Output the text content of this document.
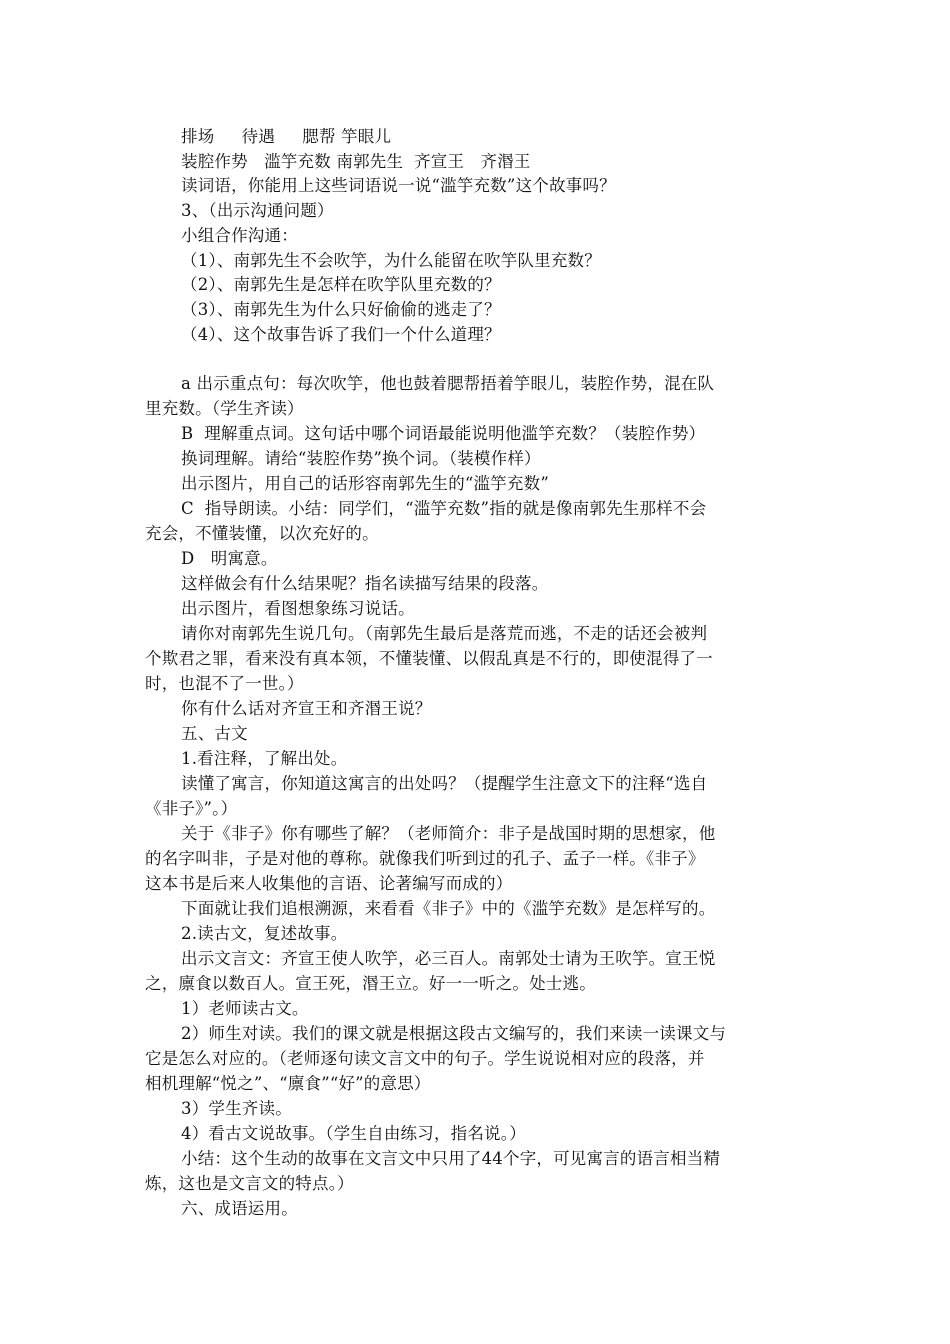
排场     待遇     腮帮 竽眼儿
装腔作势   滥竽充数 南郭先生  齐宣王   齐湣王
读词语，你能用上这些词语说一说“滥竽充数”这个故事吗？
3、（出示沟通问题）
小组合作沟通：
（1）、南郭先生不会吹竽，为什么能留在吹竽队里充数？
（2）、南郭先生是怎样在吹竽队里充数的？
（3）、南郭先生为什么只好偷偷的逃走了？
（4）、这个故事告诉了我们一个什么道理？
a 出示重点句：每次吹竽，他也鼓着腮帮捂着竽眼儿，装腔作势，混在队
里充数。（学生齐读）
B  理解重点词。这句话中哪个词语最能说明他滥竽充数？（装腔作势）
换词理解。请给“装腔作势”换个词。（装模作样）
出示图片，用自己的话形容南郭先生的“滥竽充数”
C  指导朗读。小结：同学们，“滥竽充数”指的就是像南郭先生那样不会
充会，不懂装懂，以次充好的。
D   明寓意。
这样做会有什么结果呢？指名读描写结果的段落。
出示图片，看图想象练习说话。
请你对南郭先生说几句。（南郭先生最后是落荒而逃，不走的话还会被判
个欺君之罪，看来没有真本领，不懂装懂、以假乱真是不行的，即使混得了一
时，也混不了一世。）
你有什么话对齐宣王和齐湣王说？
五、古文
1.看注释，了解出处。
读懂了寓言，你知道这寓言的出处吗？（提醒学生注意文下的注释“选自
《非子》”。）
关于《非子》你有哪些了解？（老师简介：非子是战国时期的思想家，他
的名字叫非，子是对他的尊称。就像我们听到过的孔子、孟子一样。《非子》
这本书是后来人收集他的言语、论著编写而成的）
下面就让我们追根溯源，来看看《非子》中的《滥竽充数》是怎样写的。
2.读古文，复述故事。
出示文言文：齐宣王使人吹竽，必三百人。南郭处士请为王吹竽。宣王悦
之，廪食以数百人。宣王死，湣王立。好一一听之。处士逃。
1）老师读古文。
2）师生对读。我们的课文就是根据这段古文编写的，我们来读一读课文与
它是怎么对应的。（老师逐句读文言文中的句子。学生说说相对应的段落，并
相机理解“悦之”、“廪食”“好”的意思）
3）学生齐读。
4）看古文说故事。（学生自由练习，指名说。）
小结：这个生动的故事在文言文中只用了44个字，可见寓言的语言相当精
炼，这也是文言文的特点。）
六、成语运用。
